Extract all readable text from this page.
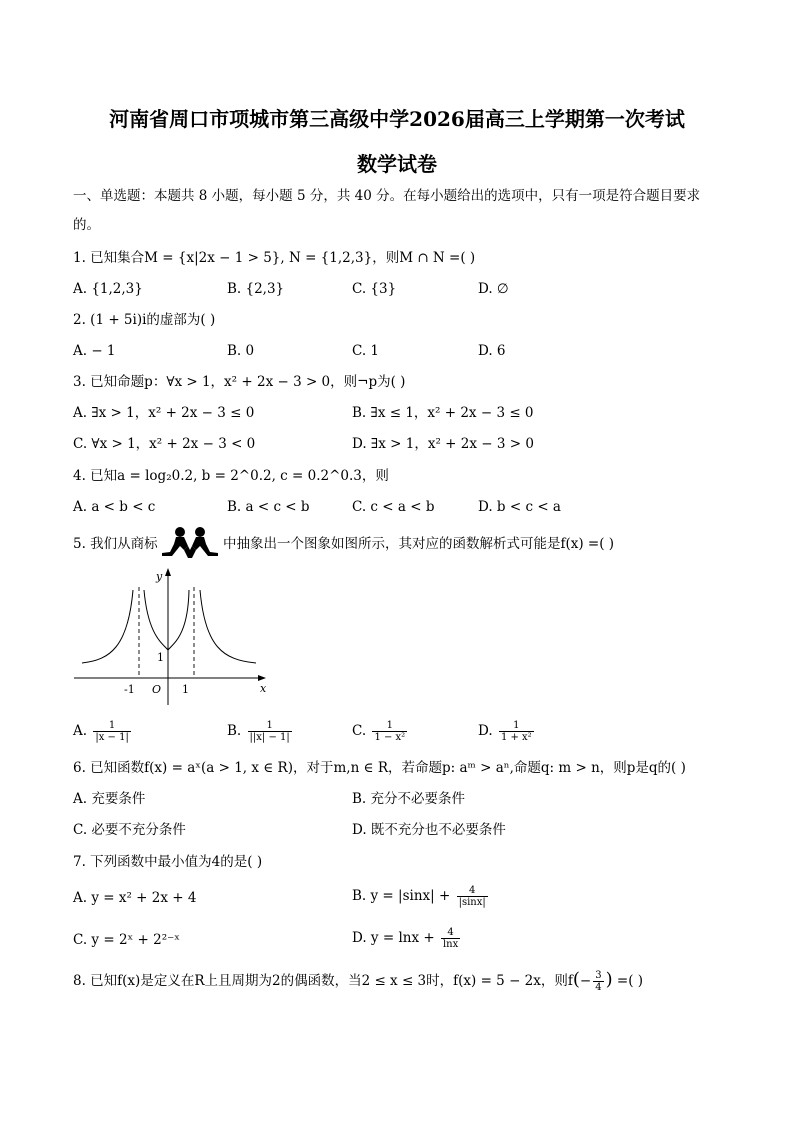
河南省周口市项城市第三高级中学2026届高三上学期第一次考试
数学试卷
一、单选题：本题共 8 小题，每小题 5 分，共 40 分。在每小题给出的选项中，只有一项是符合题目要求
的。
1. 已知集合M = {x|2x − 1 > 5}, N = {1,2,3}，则M ∩ N =( )
A. {1,2,3}	B. {2,3}	C. {3}	D. ∅
2. (1 + 5i)i的虚部为( )
A. − 1	B. 0	C. 1	D. 6
3. 已知命题p：∀x > 1，x² + 2x − 3 > 0，则¬p为( )
A. ∃x > 1，x² + 2x − 3 ≤ 0	B. ∃x ≤ 1，x² + 2x − 3 ≤ 0
C. ∀x > 1，x² + 2x − 3 < 0	D. ∃x > 1，x² + 2x − 3 > 0
4. 已知a = log₂0.2, b = 2^0.2, c = 0.2^0.3，则
A. a < b < c	B. a < c < b	C. c < a < b	D. b < c < a
5. 我们从商标	中抽象出一个图象如图所示，其对应的函数解析式可能是f(x) =( )
y
x
O
-1	1
1
A. $\frac{1}{|x - 1|}$	B. $\frac{1}{||x| - 1|}$	C. $\frac{1}{\text{1 − x²}}$	D. $\frac{1}{\text{1 + x²}}$
6. 已知函数f(x) = aˣ(a > 1, x ∈ R)，对于m,n ∈ R，若命题p: aᵐ > aⁿ,命题q: m > n，则p是q的( )
A. 充要条件	B. 充分不必要条件
C. 必要不充分条件	D. 既不充分也不必要条件
7. 下列函数中最小值为4的是( )
A. y = x² + 2x + 4	B. $y = |\sin x| + \frac{4}{|\sin x|}$
C. y = 2ˣ + 2²⁻ˣ	D. $y = \ln x + \frac{4}{\ln x}$
8. 已知f(x)是定义在R上且周期为2的偶函数，当2 ≤ x ≤ 3时，f(x) = 5 − 2x，则$f(- \frac{3}{4}$ ) =( )
